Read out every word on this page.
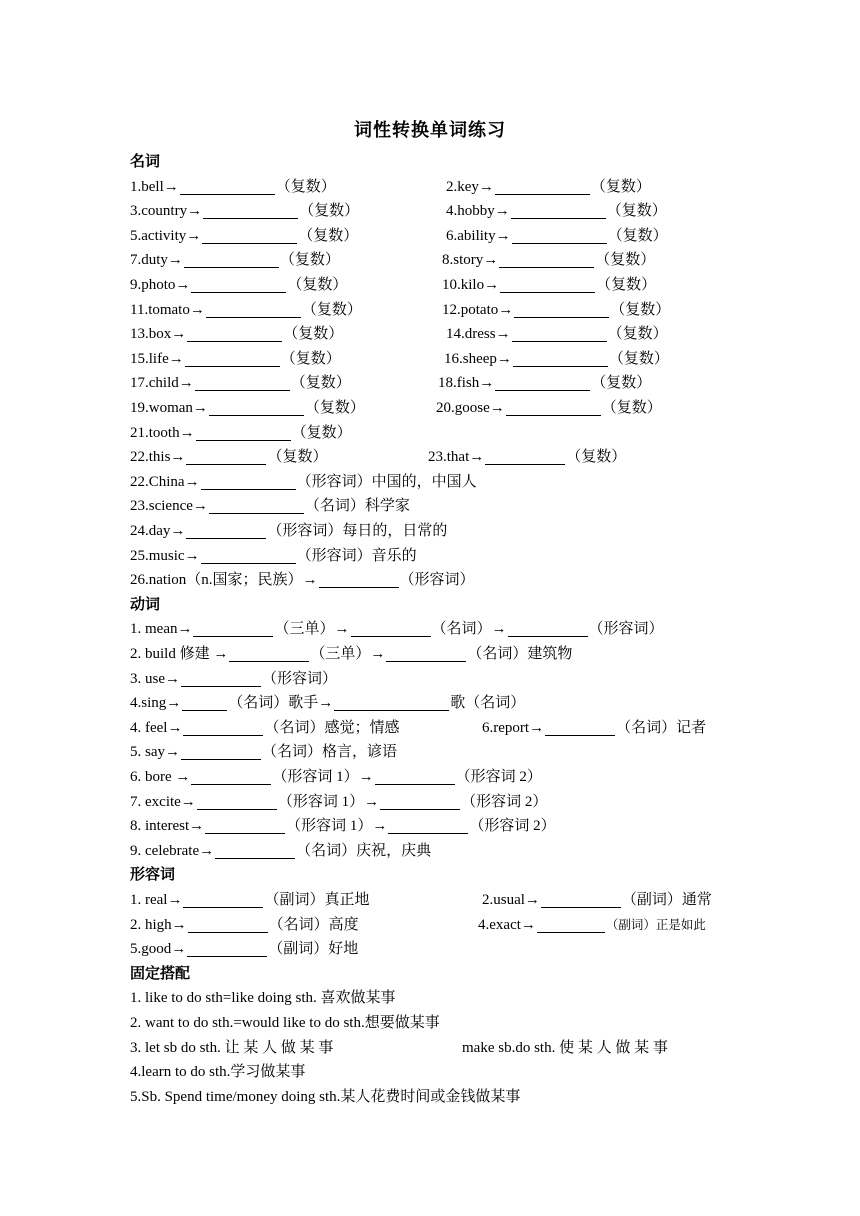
词性转换单词练习
名词
1.bell→	（复数）	2.key→	（复数）
3.country→	（复数）	4.hobby→	（复数）
5.activity→	（复数）	6.ability→	（复数）
7.duty→	（复数）	8.story→	（复数）
9.photo→	（复数）	10.kilo→	（复数）
11.tomato→	（复数）	12.potato→	（复数）
13.box→	（复数）	14.dress→	（复数）
15.life→	（复数）	16.sheep→	（复数）
17.child→	（复数）	18.fish→	（复数）
19.woman→	（复数）	20.goose→	（复数）
21.tooth→	（复数）
22.this→	（复数）	23.that→	（复数）
22.China→	（形容词）中国的，中国人
23.science→	（名词）科学家
24.day→	（形容词）每日的，日常的
25.music→	（形容词）音乐的
26.nation（n.国家；民族）→	（形容词）
动词
1. mean→	（三单）→	（名词）→	（形容词）
2. build 修建 →	（三单）→	（名词）建筑物
3. use→	（形容词）
4.sing→	（名词）歌手→	歌（名词）
4. feel→	（名词）感觉；情感	6.report→	（名词）记者
5. say→	（名词）格言，谚语
6. bore →	（形容词 1）→	（形容词 2）
7. excite→	（形容词 1）→	（形容词 2）
8. interest→	（形容词 1）→	（形容词 2）
9. celebrate→	（名词）庆祝，庆典
形容词
1. real→	（副词）真正地	2.usual→	（副词）通常
2. high→	（名词）高度	4.exact→	（副词）正是如此
5.good→	（副词）好地
固定搭配
1. like to do sth=like doing sth. 喜欢做某事
2. want to do sth.=would like to do sth.想要做某事
3. let sb do sth. 让 某 人 做 某 事	make sb.do sth. 使 某 人 做 某 事
4.learn to do sth.学习做某事
5.Sb. Spend time/money doing sth.某人花费时间或金钱做某事
